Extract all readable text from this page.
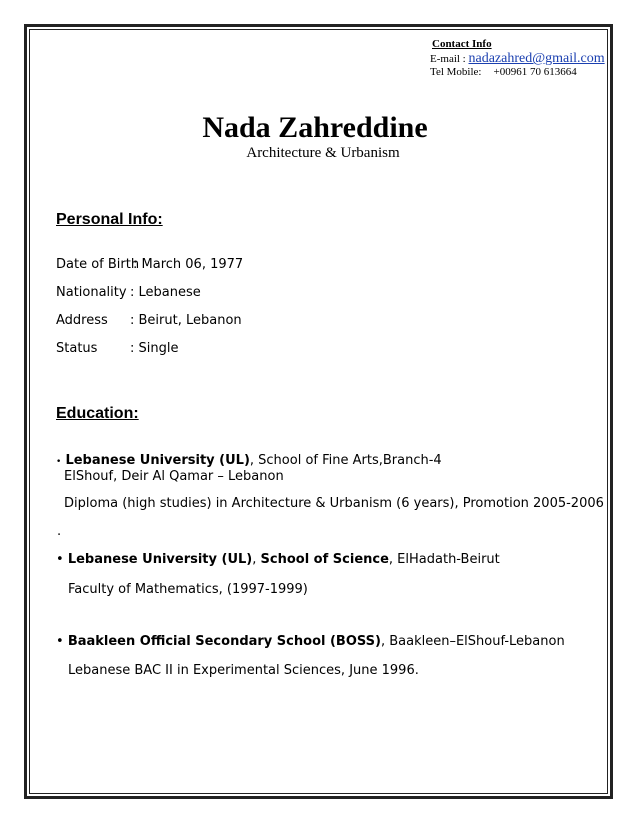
Contact Info
E-mail : nadazahred@gmail.com
Tel Mobile: +00961 70 613664
Nada Zahreddine
Architecture & Urbanism
Personal Info:
Date of Birth
: March 06, 1977
Nationality : Lebanese
Address : Beirut, Lebanon
Status	: Single
Education:
• Lebanese University (UL), School of Fine Arts,Branch-4
ElShouf, Deir Al Qamar – Lebanon
Diploma (high studies) in Architecture & Urbanism (6 years), Promotion 2005-2006
.
• Lebanese University (UL), School of Science, ElHadath-Beirut
Faculty of Mathematics, (1997-1999)
• Baakleen Official Secondary School (BOSS), Baakleen–ElShouf-Lebanon
Lebanese BAC II in Experimental Sciences, June 1996.
